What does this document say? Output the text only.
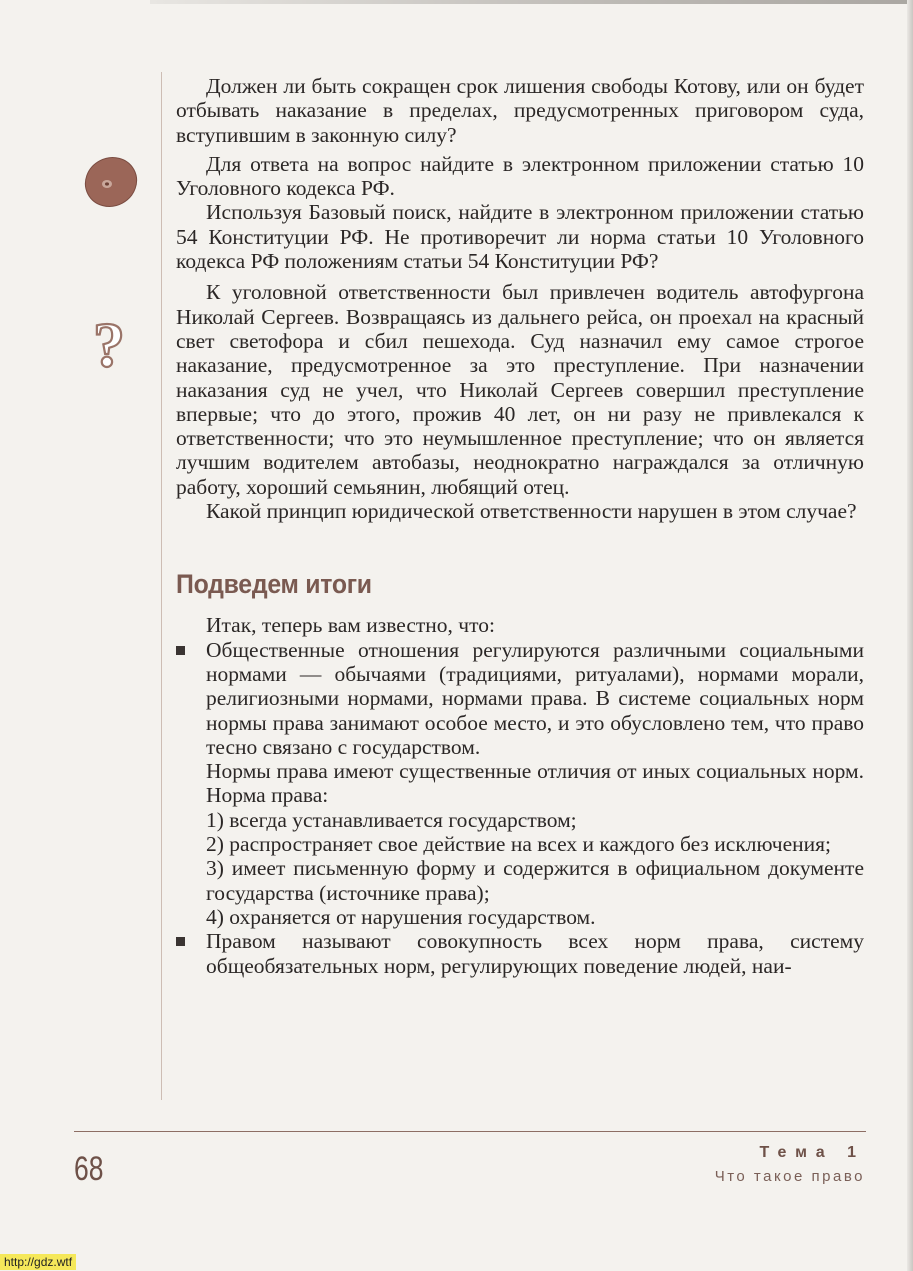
?

Должен ли быть сокращен срок лишения свободы Котову, или он будет отбывать наказание в пределах, предусмотренных приговором суда, вступившим в законную силу?

Для ответа на вопрос найдите в электронном приложении статью 10 Уголовного кодекса РФ.

Используя Базовый поиск, найдите в электронном приложении статью 54 Конституции РФ. Не противоречит ли норма статьи 10 Уголовного кодекса РФ положениям статьи 54 Конституции РФ?

К уголовной ответственности был привлечен водитель автофургона Николай Сергеев. Возвращаясь из дальнего рейса, он проехал на красный свет светофора и сбил пешехода. Суд назначил ему самое строгое наказание, предусмотренное за это преступление. При назначении наказания суд не учел, что Николай Сергеев совершил преступление впервые; что до этого, прожив 40 лет, он ни разу не привлекался к ответственности; что это неумышленное преступление; что он является лучшим водителем автобазы, неоднократно награждался за отличную работу, хороший семьянин, любящий отец.

Какой принцип юридической ответственности нарушен в этом случае?

Подведем итоги

Итак, теперь вам известно, что:

Общественные отношения регулируются различными социальными нормами — обычаями (традициями, ритуалами), нормами морали, религиозными нормами, нормами права. В системе социальных норм нормы права занимают особое место, и это обусловлено тем, что право тесно связано с государством.

Нормы права имеют существенные отличия от иных социальных норм. Норма права:

1) всегда устанавливается государством;

2) распространяет свое действие на всех и каждого без исключения;

3) имеет письменную форму и содержится в официальном документе государства (источнике права);

4) охраняется от нарушения государством.

Правом называют совокупность всех норм права, систему общеобязательных норм, регулирующих поведение людей, наи-

68	Тема 1
Что такое право
http://gdz.wtf
